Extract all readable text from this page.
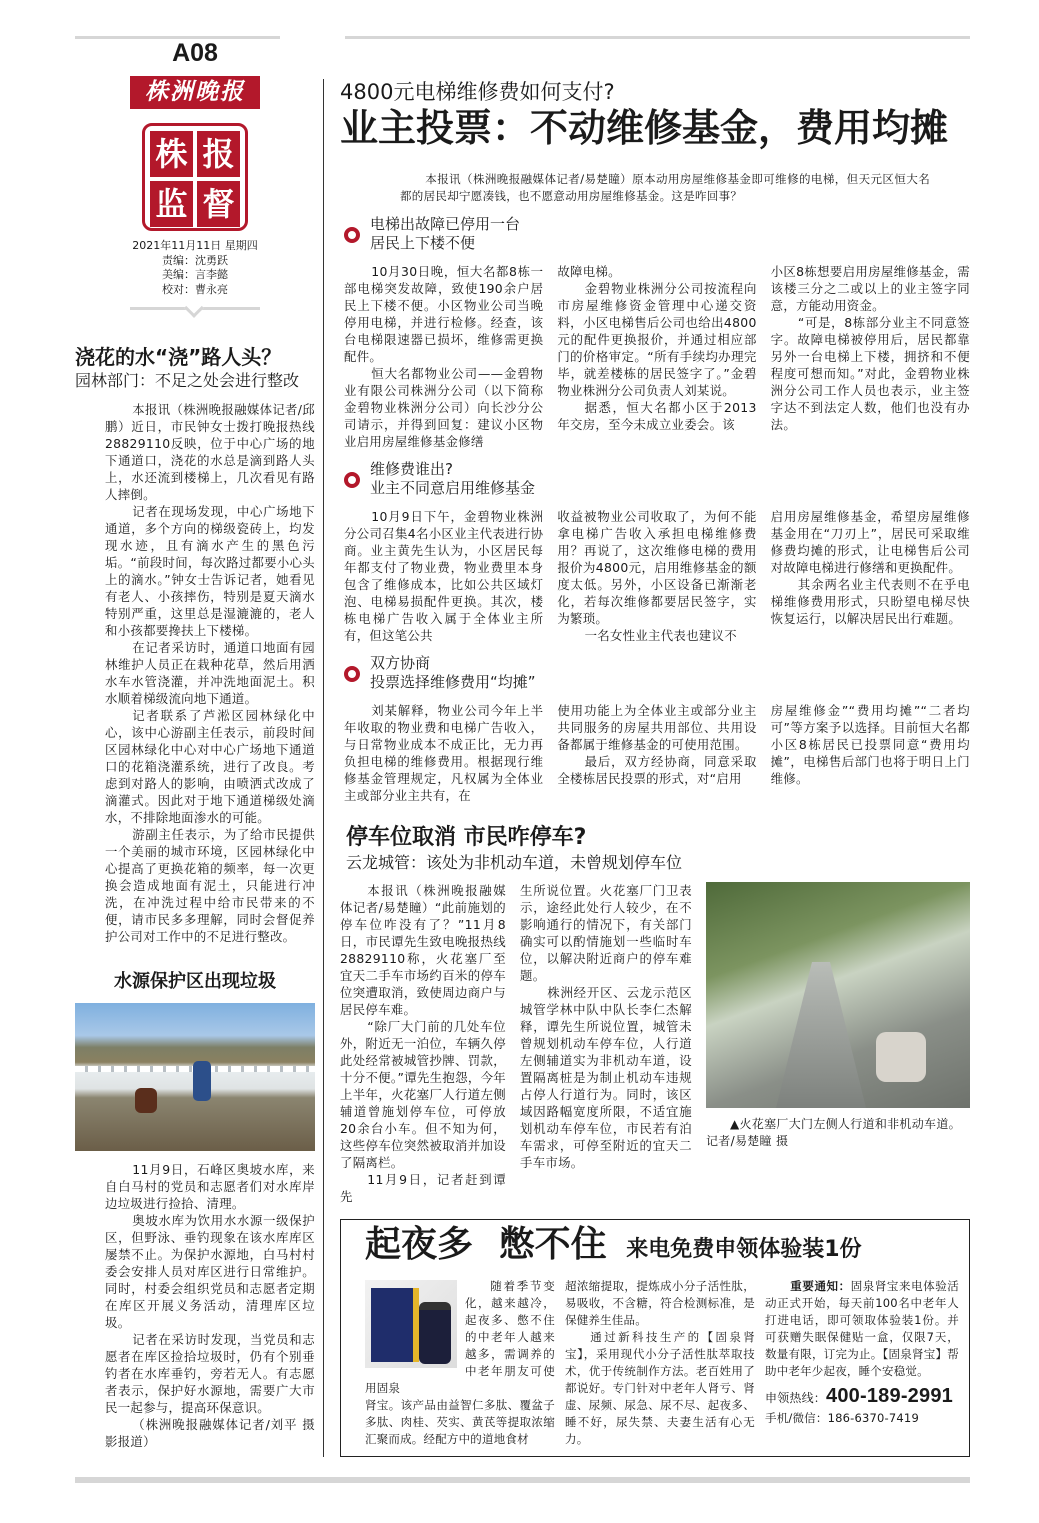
A08
株洲晚报
株 报
监 督
2021年11月11日 星期四
责编：沈勇跃
美编：言李懿
校对：曹永亮
浇花的水“浇”路人头？
园林部门：不足之处会进行整改

本报讯（株洲晚报融媒体记者/邱鹏）近日，市民钟女士拨打晚报热线28829110反映，位于中心广场的地下通道口，浇花的水总是滴到路人头上，水还流到楼梯上，几次看见有路人摔倒。

记者在现场发现，中心广场地下通道，多个方向的梯级瓷砖上，均发现水迹，且有滴水产生的黑色污垢。“前段时间，每次路过都要小心头上的滴水。”钟女士告诉记者，她看见有老人、小孩摔伤，特别是夏天滴水特别严重，这里总是湿漉漉的，老人和小孩都要搀扶上下楼梯。

在记者采访时，通道口地面有园林维护人员正在栽种花草，然后用洒水车水管浇灌，并冲洗地面泥土。积水顺着梯级流向地下通道。

记者联系了芦淞区园林绿化中心，该中心游副主任表示，前段时间区园林绿化中心对中心广场地下通道口的花箱浇灌系统，进行了改良。考虑到对路人的影响，由喷洒式改成了滴灌式。因此对于地下通道梯级处滴水，不排除地面渗水的可能。

游副主任表示，为了给市民提供一个美丽的城市环境，区园林绿化中心提高了更换花箱的频率，每一次更换会造成地面有泥土，只能进行冲洗，在冲洗过程中给市民带来的不便，请市民多多理解，同时会督促养护公司对工作中的不足进行整改。

水源保护区出现垃圾

11月9日，石峰区奥坡水库，来自白马村的党员和志愿者们对水库岸边垃圾进行捡拾、清理。

奥坡水库为饮用水水源一级保护区，但野泳、垂钓现象在该水库库区屡禁不止。为保护水源地，白马村村委会安排人员对库区进行日常维护。同时，村委会组织党员和志愿者定期在库区开展义务活动，清理库区垃圾。

记者在采访时发现，当党员和志愿者在库区捡拾垃圾时，仍有个别垂钓者在水库垂钓，旁若无人。有志愿者表示，保护好水源地，需要广大市民一起参与，提高环保意识。

（株洲晚报融媒体记者/刘平 摄影报道）

4800元电梯维修费如何支付?
业主投票：不动维修基金，费用均摊

本报讯（株洲晚报融媒体记者/易楚瞳）原本动用房屋维修基金即可维修的电梯，但天元区恒大名都的居民却宁愿凑钱，也不愿意动用房屋维修基金。这是咋回事？

电梯出故障已停用一台
居民上下楼不便

10月30日晚，恒大名都8栋一部电梯突发故障，致使190余户居民上下楼不便。小区物业公司当晚停用电梯，并进行检修。经查，该台电梯限速器已损坏，维修需更换配件。

恒大名都物业公司——金碧物业有限公司株洲分公司（以下简称金碧物业株洲分公司）向长沙分公司请示，并得到回复：建议小区物业启用房屋维修基金修缮

故障电梯。

金碧物业株洲分公司按流程向市房屋维修资金管理中心递交资料，小区电梯售后公司也给出4800元的配件更换报价，并通过相应部门的价格审定。“所有手续均办理完毕，就差楼栋的居民签字了。”金碧物业株洲分公司负责人刘某说。

据悉，恒大名都小区于2013年交房，至今未成立业委会。该

小区8栋想要启用房屋维修基金，需该楼三分之二或以上的业主签字同意，方能动用资金。

“可是，8栋部分业主不同意签字。故障电梯被停用后，居民都靠另外一台电梯上下楼，拥挤和不便程度可想而知。”对此，金碧物业株洲分公司工作人员也表示，业主签字达不到法定人数，他们也没有办法。

维修费谁出?
业主不同意启用维修基金

10月9日下午，金碧物业株洲分公司召集4名小区业主代表进行协商。业主黄先生认为，小区居民每年都支付了物业费，物业费里本身包含了维修成本，比如公共区域灯泡、电梯易损配件更换。其次，楼栋电梯广告收入属于全体业主所有，但这笔公共

收益被物业公司收取了，为何不能拿电梯广告收入承担电梯维修费用？再说了，这次维修电梯的费用报价为4800元，启用维修基金的额度太低。另外，小区设备已渐渐老化，若每次维修都要居民签字，实为繁琐。

一名女性业主代表也建议不

启用房屋维修基金，希望房屋维修基金用在“刀刃上”，居民可采取维修费均摊的形式，让电梯售后公司对故障电梯进行修缮和更换配件。

其余两名业主代表则不在乎电梯维修费用形式，只盼望电梯尽快恢复运行，以解决居民出行难题。

双方协商
投票选择维修费用“均摊”

刘某解释，物业公司今年上半年收取的物业费和电梯广告收入，与日常物业成本不成正比，无力再负担电梯的维修费用。根据现行维修基金管理规定，凡权属为全体业主或部分业主共有，在

使用功能上为全体业主或部分业主共同服务的房屋共用部位、共用设备都属于维修基金的可使用范围。

最后，双方经协商，同意采取全楼栋居民投票的形式，对“启用

房屋维修金”“费用均摊”“二者均可”等方案予以选择。目前恒大名都小区8栋居民已投票同意“费用均摊”，电梯售后部门也将于明日上门维修。

停车位取消 市民咋停车?
云龙城管：该处为非机动车道，未曾规划停车位

本报讯（株洲晚报融媒体记者/易楚瞳）“此前施划的停车位咋没有了？”11月8日，市民谭先生致电晚报热线28829110称，火花塞厂至宜天二手车市场约百米的停车位突遭取消，致使周边商户与居民停车难。

“除厂大门前的几处车位外，附近无一泊位，车辆久停此处经常被城管抄牌、罚款，十分不便。”谭先生抱怨，今年上半年，火花塞厂人行道左侧辅道曾施划停车位，可停放20余台小车。但不知为何，这些停车位突然被取消并加设了隔离栏。

11月9日，记者赶到谭先

生所说位置。火花塞厂门卫表示，途经此处行人较少，在不影响通行的情况下，有关部门确实可以酌情施划一些临时车位，以解决附近商户的停车难题。

株洲经开区、云龙示范区城管学林中队中队长李仁杰解释，谭先生所说位置，城管未曾规划机动车停车位，人行道左侧辅道实为非机动车道，设置隔离桩是为制止机动车违规占停人行道行为。同时，该区域因路幅宽度所限，不适宜施划机动车停车位，市民若有泊车需求，可停至附近的宜天二手车市场。

▲火花塞厂大门左侧人行道和非机动车道。记者/易楚瞳 摄
起夜多 憋不住 来电免费申领体验装1份

随着季节变化，越来越冷，起夜多、憋不住的中老年人越来越多，需调养的中老年朋友可使用固泉

肾宝。该产品由益智仁多肽、覆盆子多肽、肉桂、芡实、黄芪等提取浓缩汇聚而成。经配方中的道地食材

超浓缩提取，提炼成小分子活性肽，易吸收，不含糖，符合检测标准，是保健养生佳品。

通过新科技生产的【固泉肾宝】，采用现代小分子活性肽萃取技术，优于传统制作方法。老百姓用了都说好。专门针对中老年人肾亏、肾虚、尿频、尿急、尿不尽、起夜多、睡不好，尿失禁、夫妻生活有心无力。

重要通知：固泉肾宝来电体验活动正式开始，每天前100名中老年人打进电话，即可领取体验装1份。并可获赠失眠保健贴一盒，仅限7天，数量有限，订完为止。【固泉肾宝】帮助中老年少起夜，睡个安稳觉。

申领热线：400-189-2991
手机/微信：186-6370-7419
